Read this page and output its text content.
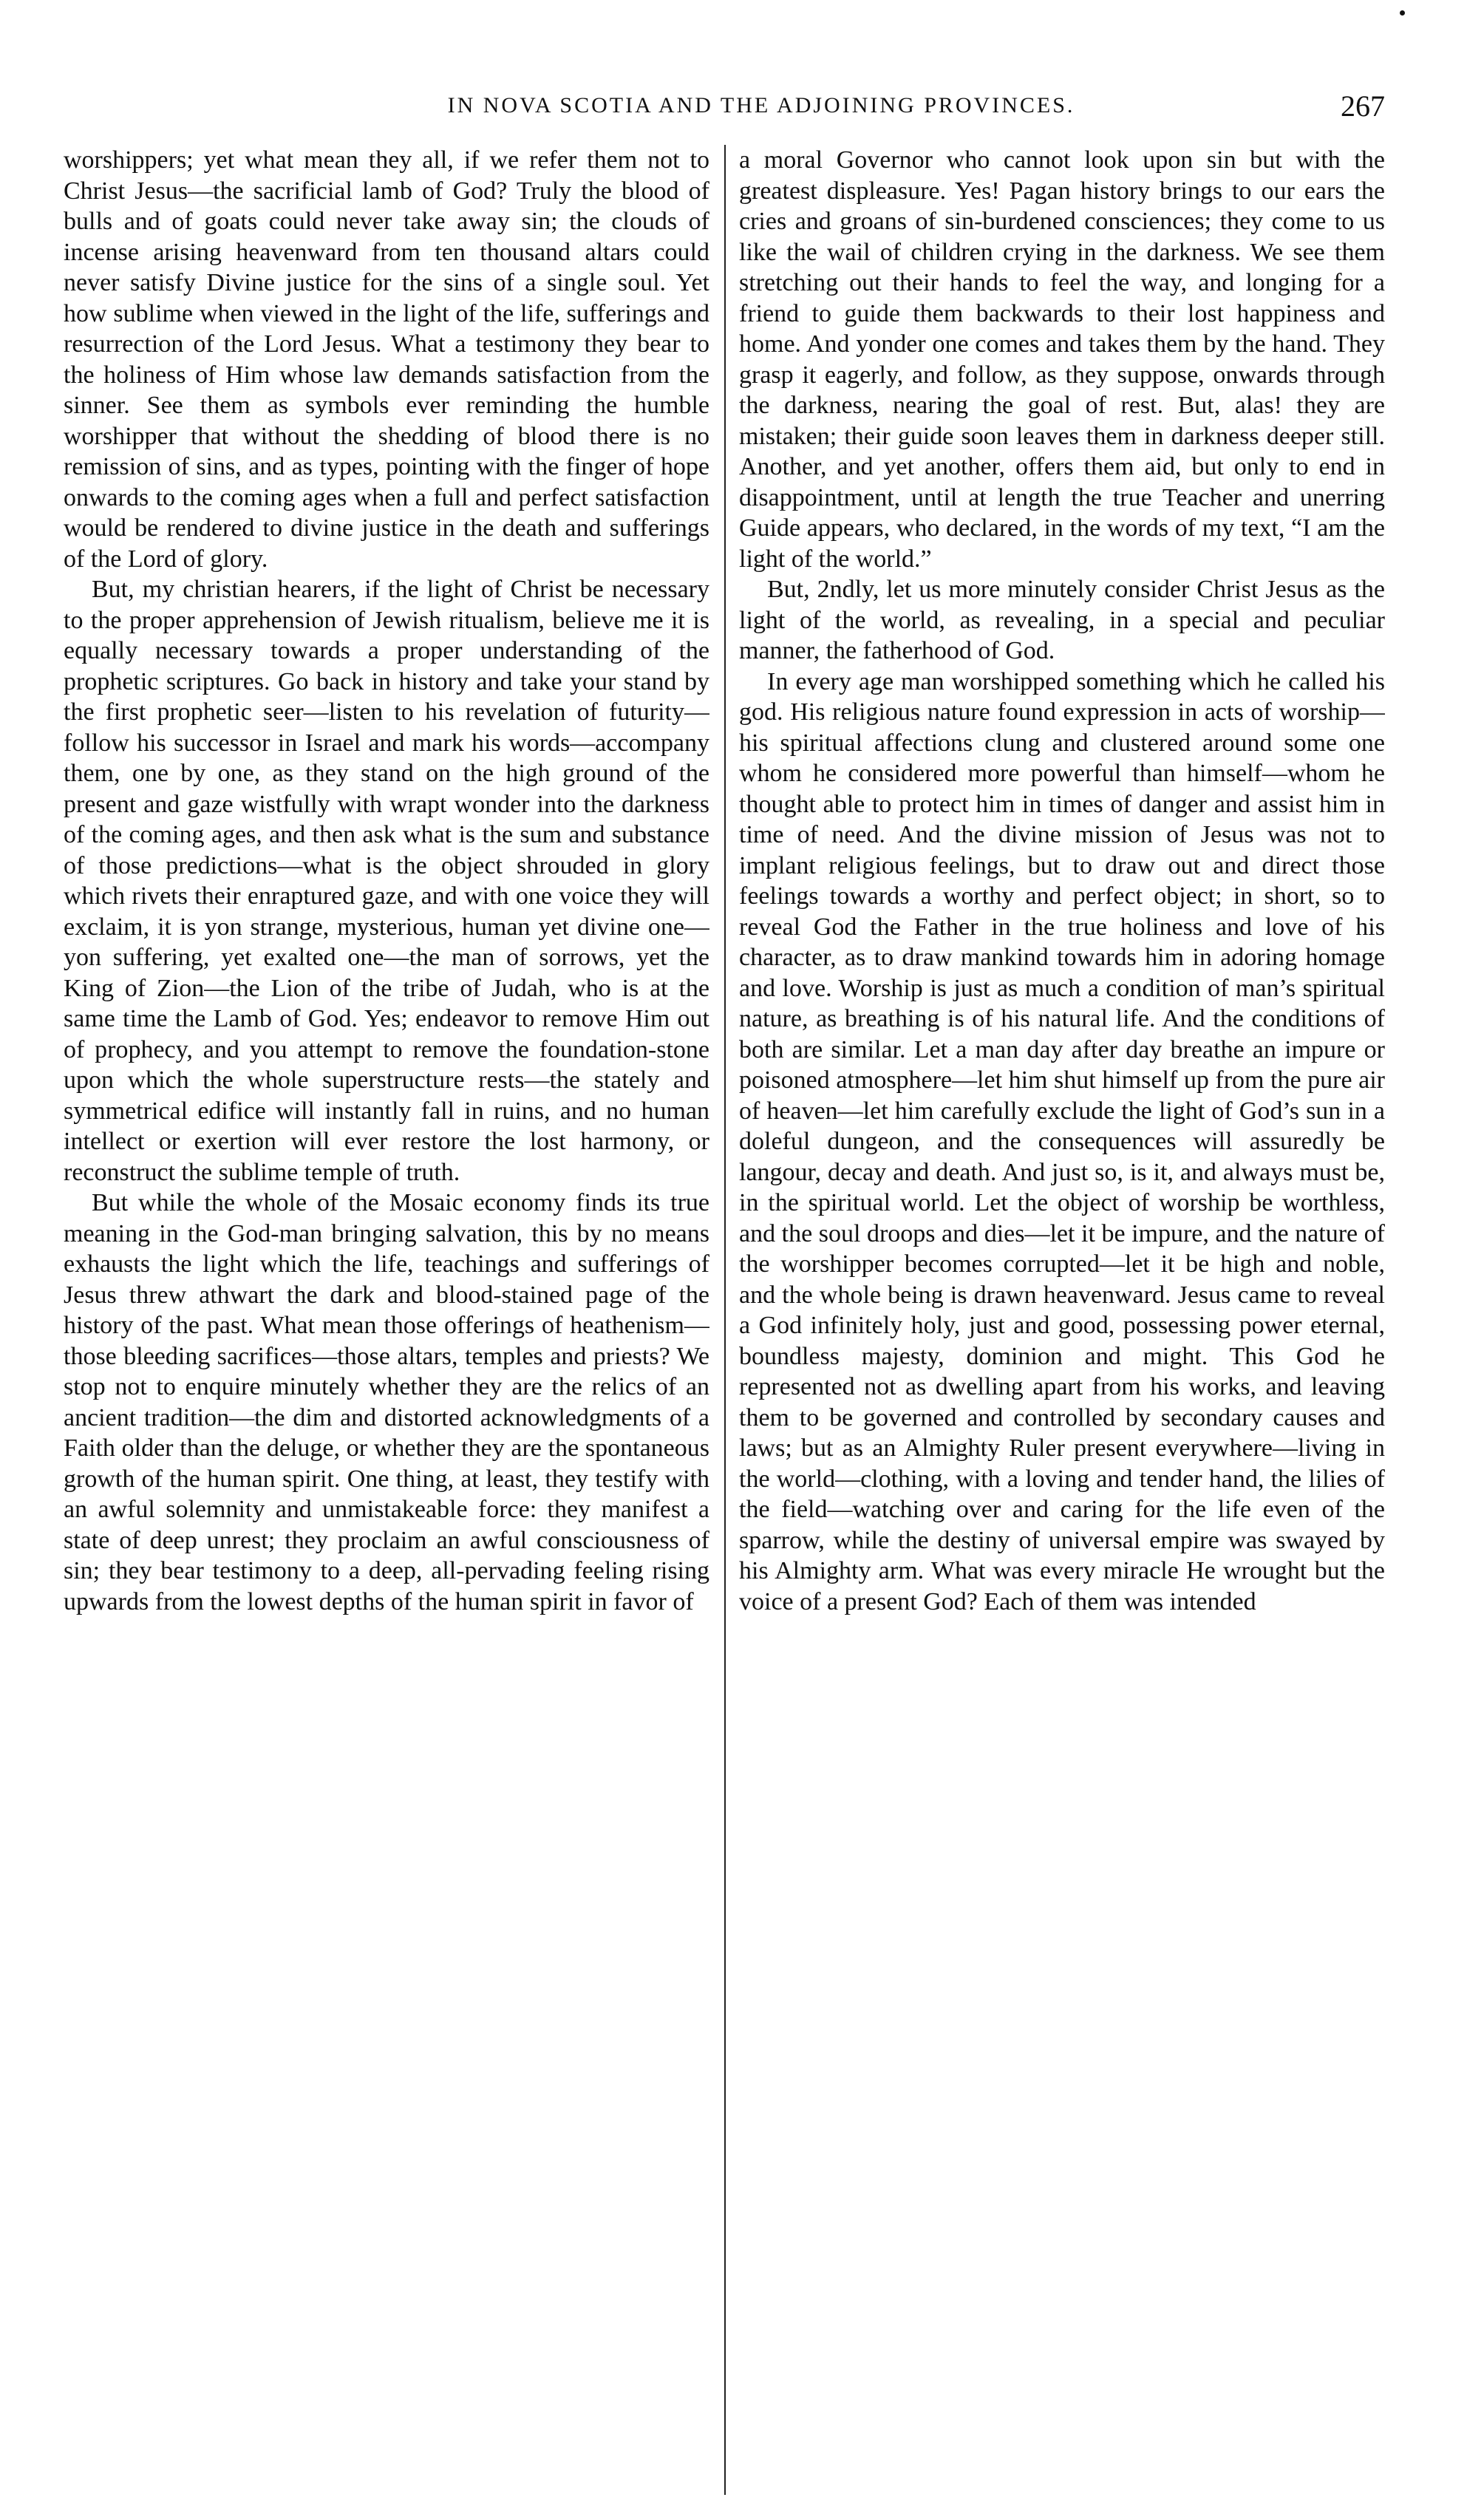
IN NOVA SCOTIA AND THE ADJOINING PROVINCES.	267

worshippers; yet what mean they all, if we refer them not to Christ Jesus—the sacrificial lamb of God? Truly the blood of bulls and of goats could never take away sin; the clouds of incense arising heavenward from ten thousand altars could never satisfy Divine justice for the sins of a single soul. Yet how sublime when viewed in the light of the life, sufferings and resurrection of the Lord Jesus. What a testimony they bear to the holiness of Him whose law demands satisfaction from the sinner. See them as symbols ever reminding the humble worshipper that without the shedding of blood there is no remission of sins, and as types, pointing with the finger of hope onwards to the coming ages when a full and perfect satisfaction would be rendered to divine justice in the death and sufferings of the Lord of glory.

But, my christian hearers, if the light of Christ be necessary to the proper apprehension of Jewish ritualism, believe me it is equally necessary towards a proper understanding of the prophetic scriptures. Go back in history and take your stand by the first prophetic seer—listen to his revelation of futurity—follow his successor in Israel and mark his words—accompany them, one by one, as they stand on the high ground of the present and gaze wistfully with wrapt wonder into the darkness of the coming ages, and then ask what is the sum and substance of those predictions—what is the object shrouded in glory which rivets their enraptured gaze, and with one voice they will exclaim, it is yon strange, mysterious, human yet divine one—yon suffering, yet exalted one—the man of sorrows, yet the King of Zion—the Lion of the tribe of Judah, who is at the same time the Lamb of God. Yes; endeavor to remove Him out of prophecy, and you attempt to remove the foundation-stone upon which the whole superstructure rests—the stately and symmetrical edifice will instantly fall in ruins, and no human intellect or exertion will ever restore the lost harmony, or reconstruct the sublime temple of truth.

But while the whole of the Mosaic economy finds its true meaning in the God-man bringing salvation, this by no means exhausts the light which the life, teachings and sufferings of Jesus threw athwart the dark and blood-stained page of the history of the past. What mean those offerings of heathenism—those bleeding sacrifices—those altars, temples and priests? We stop not to enquire minutely whether they are the relics of an ancient tradition—the dim and distorted acknowledgments of a Faith older than the deluge, or whether they are the spontaneous growth of the human spirit. One thing, at least, they testify with an awful solemnity and unmistakeable force: they manifest a state of deep unrest; they proclaim an awful consciousness of sin; they bear testimony to a deep, all-pervading feeling rising upwards from the lowest depths of the human spirit in favor of

a moral Governor who cannot look upon sin but with the greatest displeasure. Yes! Pagan history brings to our ears the cries and groans of sin-burdened consciences; they come to us like the wail of children crying in the darkness. We see them stretching out their hands to feel the way, and longing for a friend to guide them backwards to their lost happiness and home. And yonder one comes and takes them by the hand. They grasp it eagerly, and follow, as they suppose, onwards through the darkness, nearing the goal of rest. But, alas! they are mistaken; their guide soon leaves them in darkness deeper still. Another, and yet another, offers them aid, but only to end in disappointment, until at length the true Teacher and unerring Guide appears, who declared, in the words of my text, “I am the light of the world.”

But, 2ndly, let us more minutely consider Christ Jesus as the light of the world, as revealing, in a special and peculiar manner, the fatherhood of God.

In every age man worshipped something which he called his god. His religious nature found expression in acts of worship—his spiritual affections clung and clustered around some one whom he considered more powerful than himself—whom he thought able to protect him in times of danger and assist him in time of need. And the divine mission of Jesus was not to implant religious feelings, but to draw out and direct those feelings towards a worthy and perfect object; in short, so to reveal God the Father in the true holiness and love of his character, as to draw mankind towards him in adoring homage and love. Worship is just as much a condition of man’s spiritual nature, as breathing is of his natural life. And the conditions of both are similar. Let a man day after day breathe an impure or poisoned atmosphere—let him shut himself up from the pure air of heaven—let him carefully exclude the light of God’s sun in a doleful dungeon, and the consequences will assuredly be langour, decay and death. And just so, is it, and always must be, in the spiritual world. Let the object of worship be worthless, and the soul droops and dies—let it be impure, and the nature of the worshipper becomes corrupted—let it be high and noble, and the whole being is drawn heavenward. Jesus came to reveal a God infinitely holy, just and good, possessing power eternal, boundless majesty, dominion and might. This God he represented not as dwelling apart from his works, and leaving them to be governed and controlled by secondary causes and laws; but as an Almighty Ruler present everywhere—living in the world—clothing, with a loving and tender hand, the lilies of the field—watching over and caring for the life even of the sparrow, while the destiny of universal empire was swayed by his Almighty arm. What was every miracle He wrought but the voice of a present God? Each of them was intended
